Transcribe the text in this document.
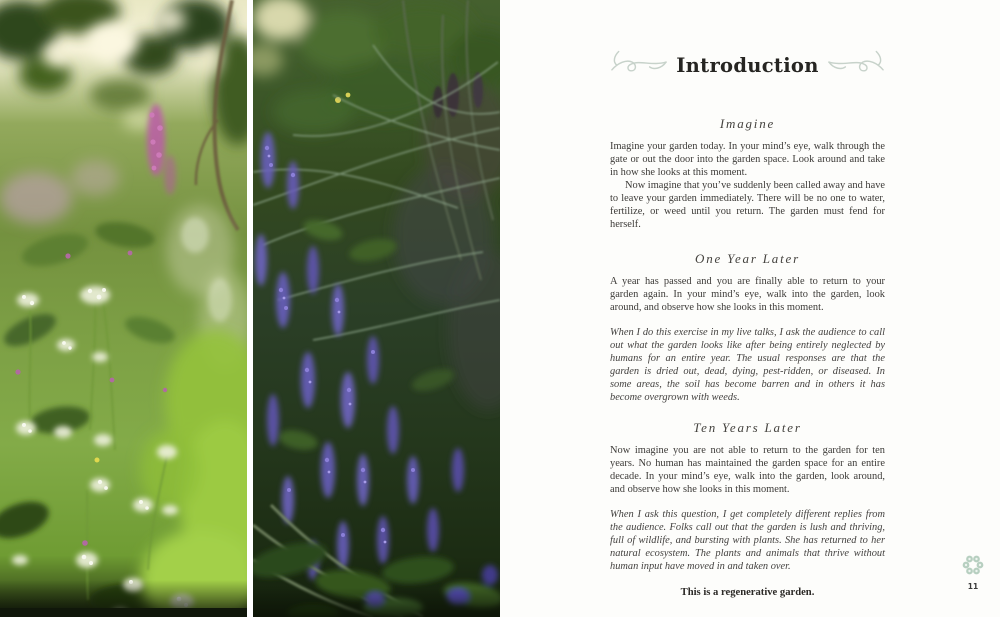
Introduction
Imagine

Imagine your garden today. In your mind’s eye, walk through the gate or out the door into the garden space. Look around and take in how she looks at this moment.

Now imagine that you’ve suddenly been called away and have to leave your garden immediately. There will be no one to water, fertilize, or weed until you return. The garden must fend for herself.

One Year Later

A year has passed and you are finally able to return to your garden again. In your mind’s eye, walk into the garden, look around, and observe how she looks in this moment.

When I do this exercise in my live talks, I ask the audience to call out what the garden looks like after being entirely neglected by humans for an entire year. The usual responses are that the garden is dried out, dead, dying, pest-ridden, or diseased. In some areas, the soil has become barren and in others it has become overgrown with weeds.

Ten Years Later

Now imagine you are not able to return to the garden for ten years. No human has maintained the garden space for an entire decade. In your mind’s eye, walk into the garden, look around, and observe how she looks in this moment.

When I ask this question, I get completely different replies from the audience. Folks call out that the garden is lush and thriving, full of wildlife, and bursting with plants. She has returned to her natural ecosystem. The plants and animals that thrive without human input have moved in and taken over.

This is a regenerative garden.

11
